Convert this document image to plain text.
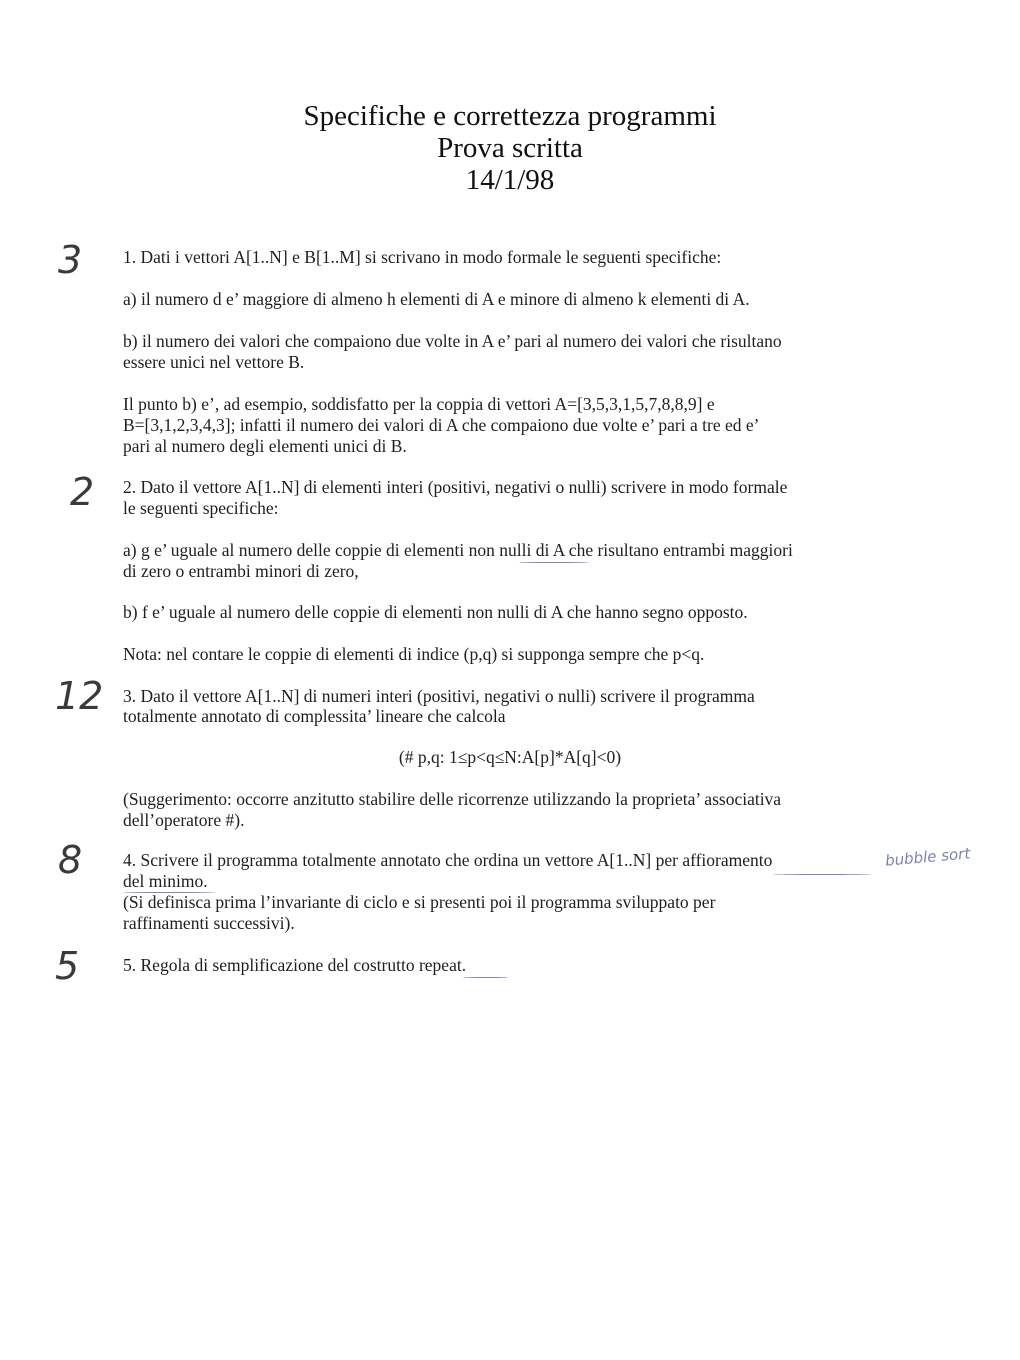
Specifiche e correttezza programmi
Prova scritta
14/1/98
3 1. Dati i vettori A[1..N] e B[1..M] si scrivano in modo formale le seguenti specifiche:
a) il numero d e’ maggiore di almeno h elementi di A e minore di almeno k elementi di A.
b) il numero dei valori che compaiono due volte in A e’ pari al numero dei valori che risultano
essere unici nel vettore B.
Il punto b) e’, ad esempio, soddisfatto per la coppia di vettori A=[3,5,3,1,5,7,8,8,9] e
B=[3,1,2,3,4,3]; infatti il numero dei valori di A che compaiono due volte e’ pari a tre ed e’
pari al numero degli elementi unici di B.
2 2. Dato il vettore A[1..N] di elementi interi (positivi, negativi o nulli) scrivere in modo formale
le seguenti specifiche:
a) g e’ uguale al numero delle coppie di elementi non nulli di A che risultano entrambi maggiori
di zero o entrambi minori di zero,
b) f e’ uguale al numero delle coppie di elementi non nulli di A che hanno segno opposto.
Nota: nel contare le coppie di elementi di indice (p,q) si supponga sempre che p<q.
12 3. Dato il vettore A[1..N] di numeri interi (positivi, negativi o nulli) scrivere il programma
totalmente annotato di complessita’ lineare che calcola
(# p,q: 1≤p<q≤N:A[p]*A[q]<0)
(Suggerimento: occorre anzitutto stabilire delle ricorrenze utilizzando la proprieta’ associativa
dell’operatore #).
8 4. Scrivere il programma totalmente annotato che ordina un vettore A[1..N] per affioramento	bubble sort
del minimo.
(Si definisca prima l’invariante di ciclo e si presenti poi il programma sviluppato per
raffinamenti successivi).
5	5. Regola di semplificazione del costrutto repeat.
